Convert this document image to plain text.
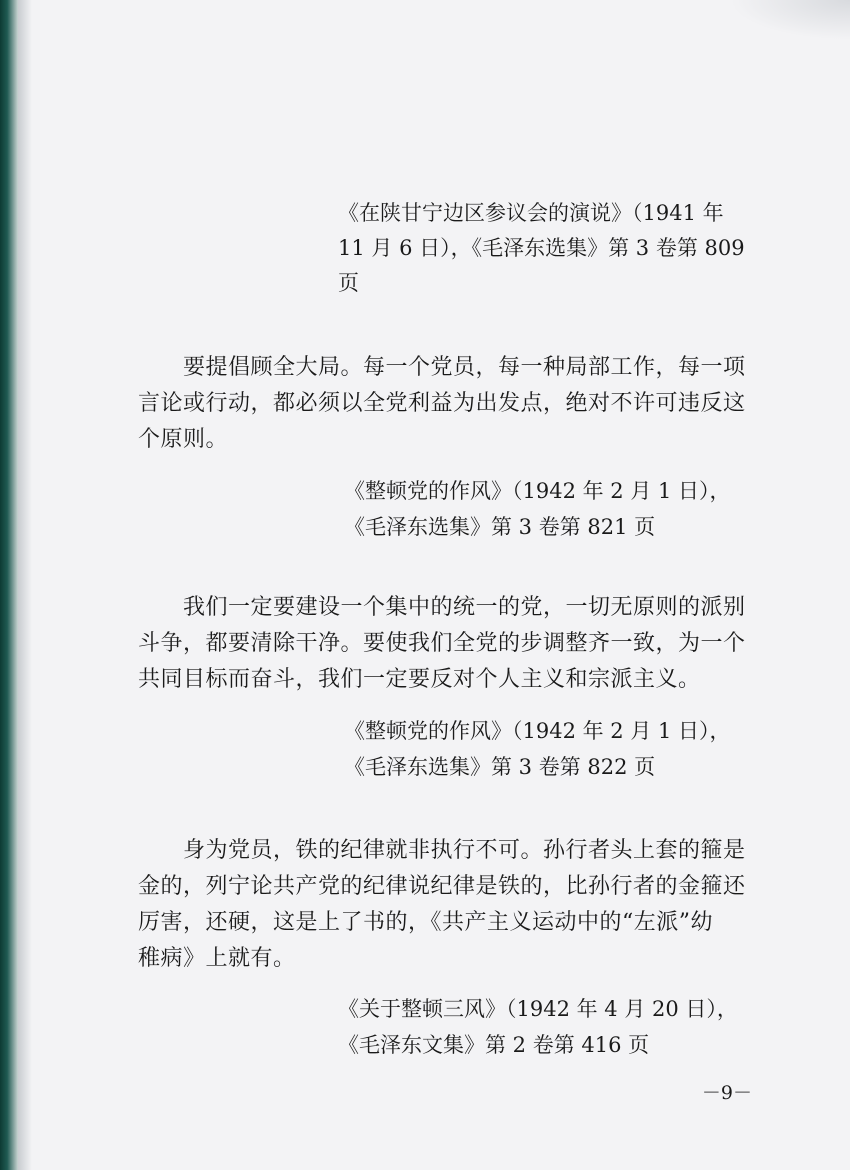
《在陕甘宁边区参议会的演说》（1941 年
11 月 6 日），《毛泽东选集》第 3 卷第 809
页
要提倡顾全大局。每一个党员，每一种局部工作，每一项
言论或行动，都必须以全党利益为出发点，绝对不许可违反这
个原则。
《整顿党的作风》（1942 年 2 月 1 日），
《毛泽东选集》第 3 卷第 821 页
我们一定要建设一个集中的统一的党，一切无原则的派别
斗争，都要清除干净。要使我们全党的步调整齐一致，为一个
共同目标而奋斗，我们一定要反对个人主义和宗派主义。
《整顿党的作风》（1942 年 2 月 1 日），
《毛泽东选集》第 3 卷第 822 页
身为党员，铁的纪律就非执行不可。孙行者头上套的箍是
金的，列宁论共产党的纪律说纪律是铁的，比孙行者的金箍还
厉害，还硬，这是上了书的，《共产主义运动中的“左派”幼
稚病》上就有。
《关于整顿三风》（1942 年 4 月 20 日），
《毛泽东文集》第 2 卷第 416 页
－9－
